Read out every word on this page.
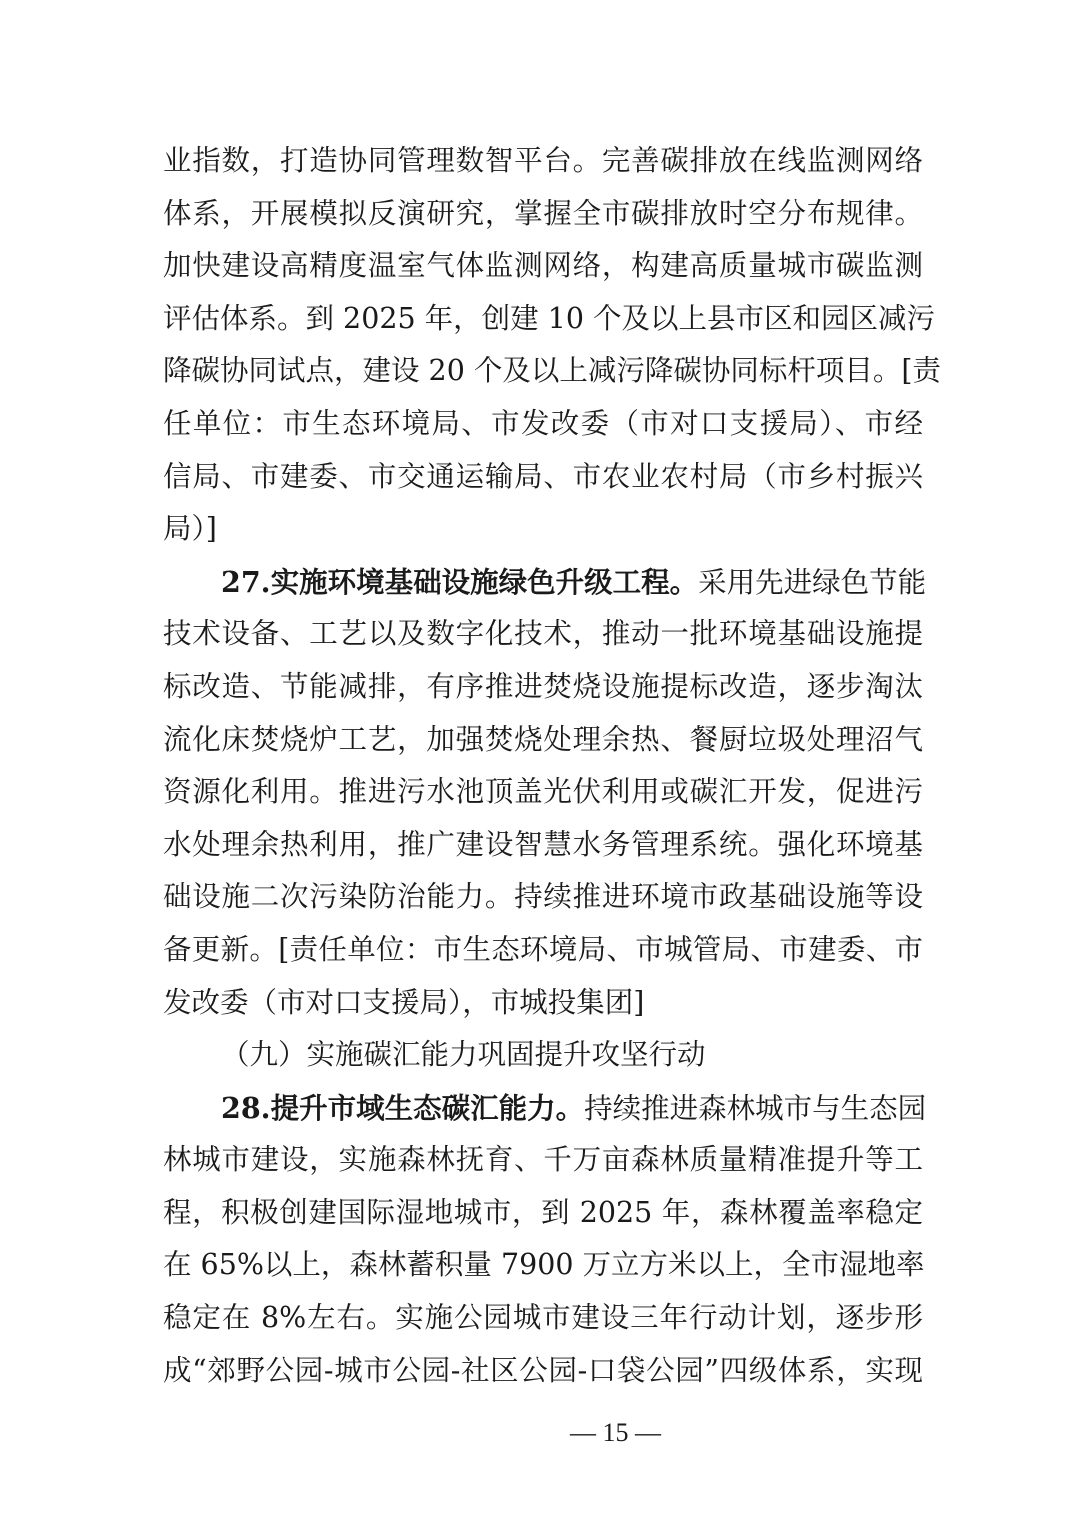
业指数，打造协同管理数智平台。完善碳排放在线监测网络
体系，开展模拟反演研究，掌握全市碳排放时空分布规律。
加快建设高精度温室气体监测网络，构建高质量城市碳监测
评估体系。到 2025 年，创建 10 个及以上县市区和园区减污
降碳协同试点，建设 20 个及以上减污降碳协同标杆项目。[责
任单位：市生态环境局、市发改委（市对口支援局）、市经
信局、市建委、市交通运输局、市农业农村局（市乡村振兴
局）]
27.实施环境基础设施绿色升级工程。采用先进绿色节能
技术设备、工艺以及数字化技术，推动一批环境基础设施提
标改造、节能减排，有序推进焚烧设施提标改造，逐步淘汰
流化床焚烧炉工艺，加强焚烧处理余热、餐厨垃圾处理沼气
资源化利用。推进污水池顶盖光伏利用或碳汇开发，促进污
水处理余热利用，推广建设智慧水务管理系统。强化环境基
础设施二次污染防治能力。持续推进环境市政基础设施等设
备更新。[责任单位：市生态环境局、市城管局、市建委、市
发改委（市对口支援局），市城投集团]
（九）实施碳汇能力巩固提升攻坚行动
28.提升市域生态碳汇能力。持续推进森林城市与生态园
林城市建设，实施森林抚育、千万亩森林质量精准提升等工
程，积极创建国际湿地城市，到 2025 年，森林覆盖率稳定
在 65%以上，森林蓄积量 7900 万立方米以上，全市湿地率
稳定在 8%左右。实施公园城市建设三年行动计划，逐步形
成“郊野公园-城市公园-社区公园-口袋公园”四级体系，实现
— 15 —
